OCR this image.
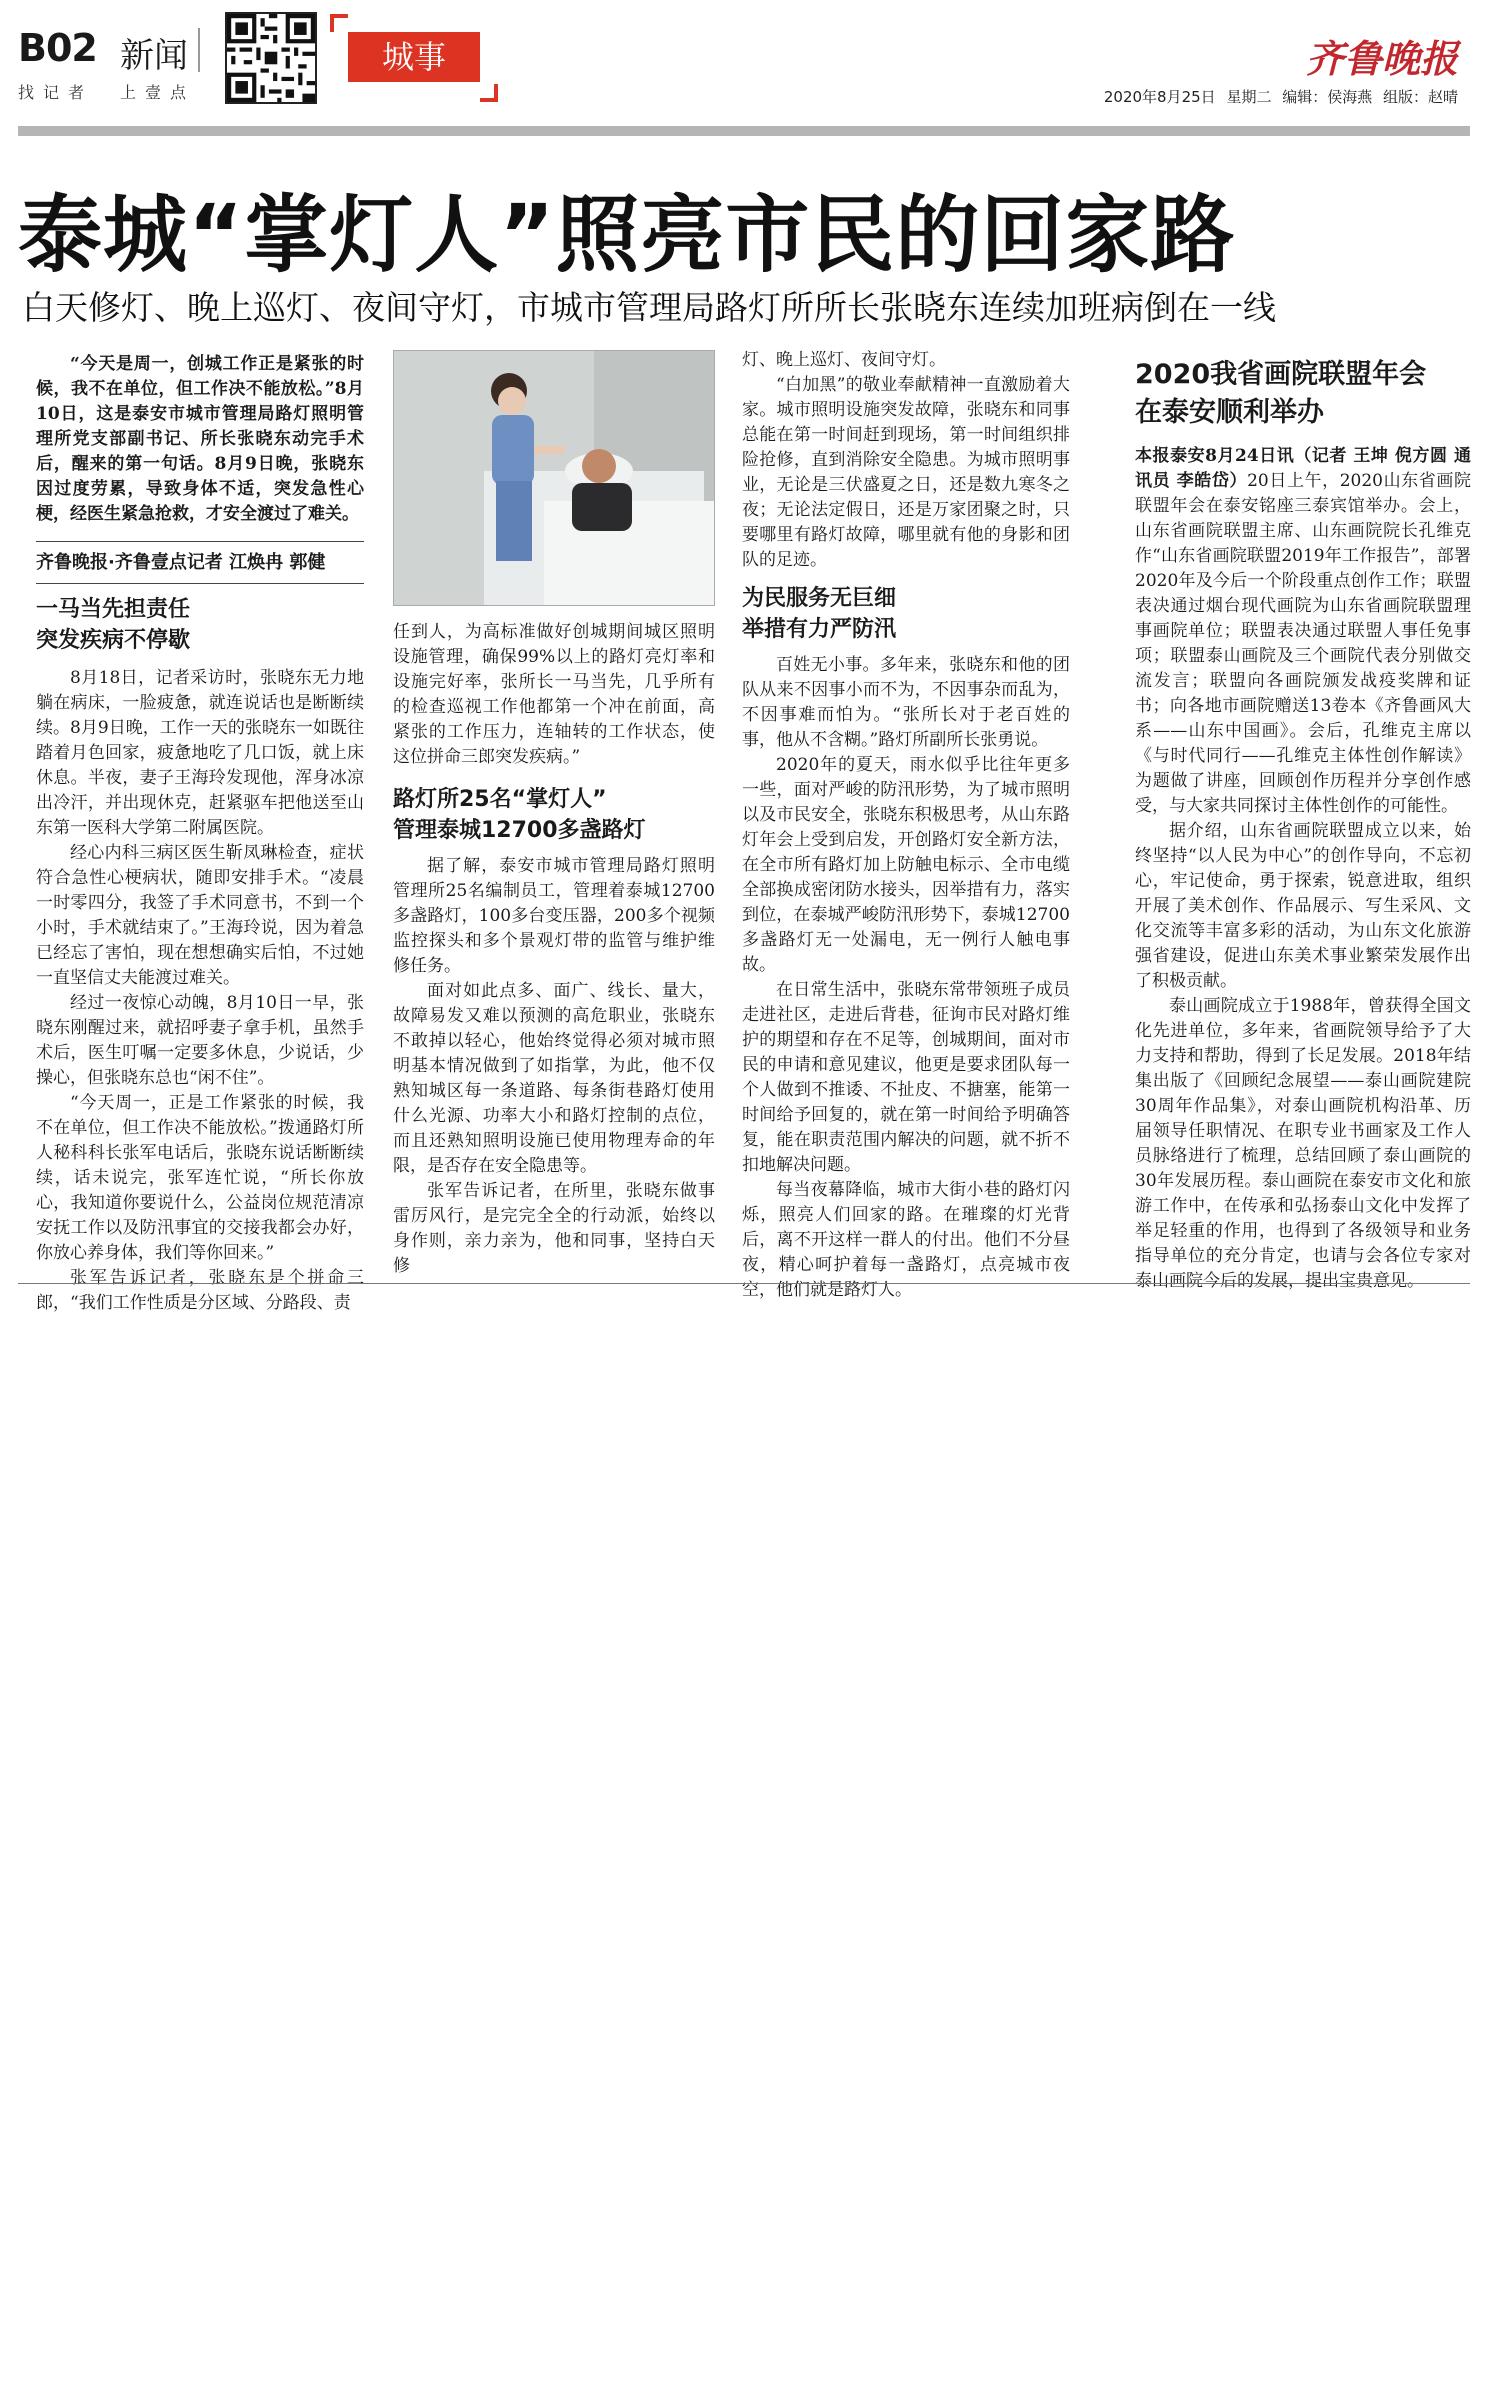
B02 新闻
找记者 上壹点
城事	齐鲁晚报
2020年8月25日 星期二 编辑：侯海燕 组版：赵晴
泰城“掌灯人”照亮市民的回家路
白天修灯、晚上巡灯、夜间守灯，市城市管理局路灯所所长张晓东连续加班病倒在一线

“今天是周一，创城工作正是紧张的时候，我不在单位，但工作决不能放松。”8月10日，这是泰安市城市管理局路灯照明管理所党支部副书记、所长张晓东动完手术后，醒来的第一句话。8月9日晚，张晓东因过度劳累，导致身体不适，突发急性心梗，经医生紧急抢救，才安全渡过了难关。

齐鲁晚报·齐鲁壹点记者 江焕冉 郭健

一马当先担责任
突发疾病不停歇

8月18日，记者采访时，张晓东无力地躺在病床，一脸疲惫，就连说话也是断断续续。8月9日晚，工作一天的张晓东一如既往踏着月色回家，疲惫地吃了几口饭，就上床休息。半夜，妻子王海玲发现他，浑身冰凉出冷汗，并出现休克，赶紧驱车把他送至山东第一医科大学第二附属医院。

经心内科三病区医生靳凤琳检查，症状符合急性心梗病状，随即安排手术。“凌晨一时零四分，我签了手术同意书，不到一个小时，手术就结束了。”王海玲说，因为着急已经忘了害怕，现在想想确实后怕，不过她一直坚信丈夫能渡过难关。

经过一夜惊心动魄，8月10日一早，张晓东刚醒过来，就招呼妻子拿手机，虽然手术后，医生叮嘱一定要多休息，少说话，少操心，但张晓东总也“闲不住”。

“今天周一，正是工作紧张的时候，我不在单位，但工作决不能放松。”拨通路灯所人秘科科长张军电话后，张晓东说话断断续续，话未说完，张军连忙说，“所长你放心，我知道你要说什么，公益岗位规范清凉安抚工作以及防汛事宜的交接我都会办好，你放心养身体，我们等你回来。”

张军告诉记者，张晓东是个拼命三郎，“我们工作性质是分区域、分路段、责

任到人，为高标准做好创城期间城区照明设施管理，确保99%以上的路灯亮灯率和设施完好率，张所长一马当先，几乎所有的检查巡视工作他都第一个冲在前面，高紧张的工作压力，连轴转的工作状态，使这位拼命三郎突发疾病。”

路灯所25名“掌灯人”
管理泰城12700多盏路灯

据了解，泰安市城市管理局路灯照明管理所25名编制员工，管理着泰城12700多盏路灯，100多台变压器，200多个视频监控探头和多个景观灯带的监管与维护维修任务。

面对如此点多、面广、线长、量大，故障易发又难以预测的高危职业，张晓东不敢掉以轻心，他始终觉得必须对城市照明基本情况做到了如指掌，为此，他不仅熟知城区每一条道路、每条街巷路灯使用什么光源、功率大小和路灯控制的点位，而且还熟知照明设施已使用物理寿命的年限，是否存在安全隐患等。

张军告诉记者，在所里，张晓东做事雷厉风行，是完完全全的行动派，始终以身作则，亲力亲为，他和同事，坚持白天修

灯、晚上巡灯、夜间守灯。

“白加黑”的敬业奉献精神一直激励着大家。城市照明设施突发故障，张晓东和同事总能在第一时间赶到现场，第一时间组织排险抢修，直到消除安全隐患。为城市照明事业，无论是三伏盛夏之日，还是数九寒冬之夜；无论法定假日，还是万家团聚之时，只要哪里有路灯故障，哪里就有他的身影和团队的足迹。

为民服务无巨细
举措有力严防汛

百姓无小事。多年来，张晓东和他的团队从来不因事小而不为，不因事杂而乱为，不因事难而怕为。“张所长对于老百姓的事，他从不含糊。”路灯所副所长张勇说。

2020年的夏天，雨水似乎比往年更多一些，面对严峻的防汛形势，为了城市照明以及市民安全，张晓东积极思考，从山东路灯年会上受到启发，开创路灯安全新方法，在全市所有路灯加上防触电标示、全市电缆全部换成密闭防水接头，因举措有力，落实到位，在泰城严峻防汛形势下，泰城12700多盏路灯无一处漏电，无一例行人触电事故。

在日常生活中，张晓东常带领班子成员走进社区，走进后背巷，征询市民对路灯维护的期望和存在不足等，创城期间，面对市民的申请和意见建议，他更是要求团队每一个人做到不推诿、不扯皮、不搪塞，能第一时间给予回复的，就在第一时间给予明确答复，能在职责范围内解决的问题，就不折不扣地解决问题。

每当夜幕降临，城市大街小巷的路灯闪烁，照亮人们回家的路。在璀璨的灯光背后，离不开这样一群人的付出。他们不分昼夜，精心呵护着每一盏路灯，点亮城市夜空，他们就是路灯人。

2020我省画院联盟年会
在泰安顺利举办

本报泰安8月24日讯（记者 王坤 倪方圆 通讯员 李皓岱）20日上午，2020山东省画院联盟年会在泰安铭座三泰宾馆举办。会上，山东省画院联盟主席、山东画院院长孔维克作“山东省画院联盟2019年工作报告”，部署2020年及今后一个阶段重点创作工作；联盟表决通过烟台现代画院为山东省画院联盟理事画院单位；联盟表决通过联盟人事任免事项；联盟泰山画院及三个画院代表分别做交流发言；联盟向各画院颁发战疫奖牌和证书；向各地市画院赠送13卷本《齐鲁画风大系——山东中国画》。会后，孔维克主席以《与时代同行——孔维克主体性创作解读》为题做了讲座，回顾创作历程并分享创作感受，与大家共同探讨主体性创作的可能性。

据介绍，山东省画院联盟成立以来，始终坚持“以人民为中心”的创作导向，不忘初心，牢记使命，勇于探索，锐意进取，组织开展了美术创作、作品展示、写生采风、文化交流等丰富多彩的活动，为山东文化旅游强省建设，促进山东美术事业繁荣发展作出了积极贡献。

泰山画院成立于1988年，曾获得全国文化先进单位，多年来，省画院领导给予了大力支持和帮助，得到了长足发展。2018年结集出版了《回顾纪念展望——泰山画院建院30周年作品集》，对泰山画院机构沿革、历届领导任职情况、在职专业书画家及工作人员脉络进行了梳理，总结回顾了泰山画院的30年发展历程。泰山画院在泰安市文化和旅游工作中，在传承和弘扬泰山文化中发挥了举足轻重的作用，也得到了各级领导和业务指导单位的充分肯定，也请与会各位专家对泰山画院今后的发展，提出宝贵意见。
